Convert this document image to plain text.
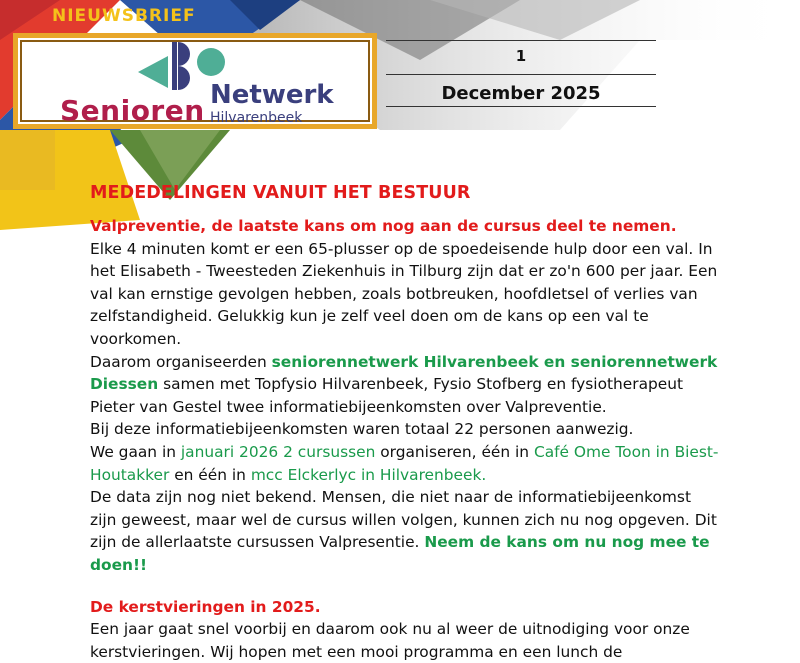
NIEUWSBRIEF
Senioren Netwerk
Hilvarenbeek
1
December 2025
MEDEDELINGEN VANUIT HET BESTUUR

Valpreventie, de laatste kans om nog aan de cursus deel te nemen.

Elke 4 minuten komt er een 65-plusser op de spoedeisende hulp door een val. In het Elisabeth - Tweesteden Ziekenhuis in Tilburg zijn dat er zo'n 600 per jaar. Een val kan ernstige gevolgen hebben, zoals botbreuken, hoofdletsel of verlies van zelfstandigheid. Gelukkig kun je zelf veel doen om de kans op een val te voorkomen.

Daarom organiseerden seniorennetwerk Hilvarenbeek en seniorennetwerk Diessen samen met Topfysio Hilvarenbeek, Fysio Stofberg en fysiotherapeut Pieter van Gestel twee informatiebijeenkomsten over Valpreventie.

Bij deze informatiebijeenkomsten waren totaal 22 personen aanwezig.

We gaan in januari 2026 2 cursussen organiseren, één in Café Ome Toon in Biest-Houtakker en één in mcc Elckerlyc in Hilvarenbeek.

De data zijn nog niet bekend. Mensen, die niet naar de informatiebijeenkomst zijn geweest, maar wel de cursus willen volgen, kunnen zich nu nog opgeven. Dit zijn de allerlaatste cursussen Valpresentie. Neem de kans om nu nog mee te doen!!

De kerstvieringen in 2025.

Een jaar gaat snel voorbij en daarom ook nu al weer de uitnodiging voor onze kerstvieringen. Wij hopen met een mooi programma en een lunch de
